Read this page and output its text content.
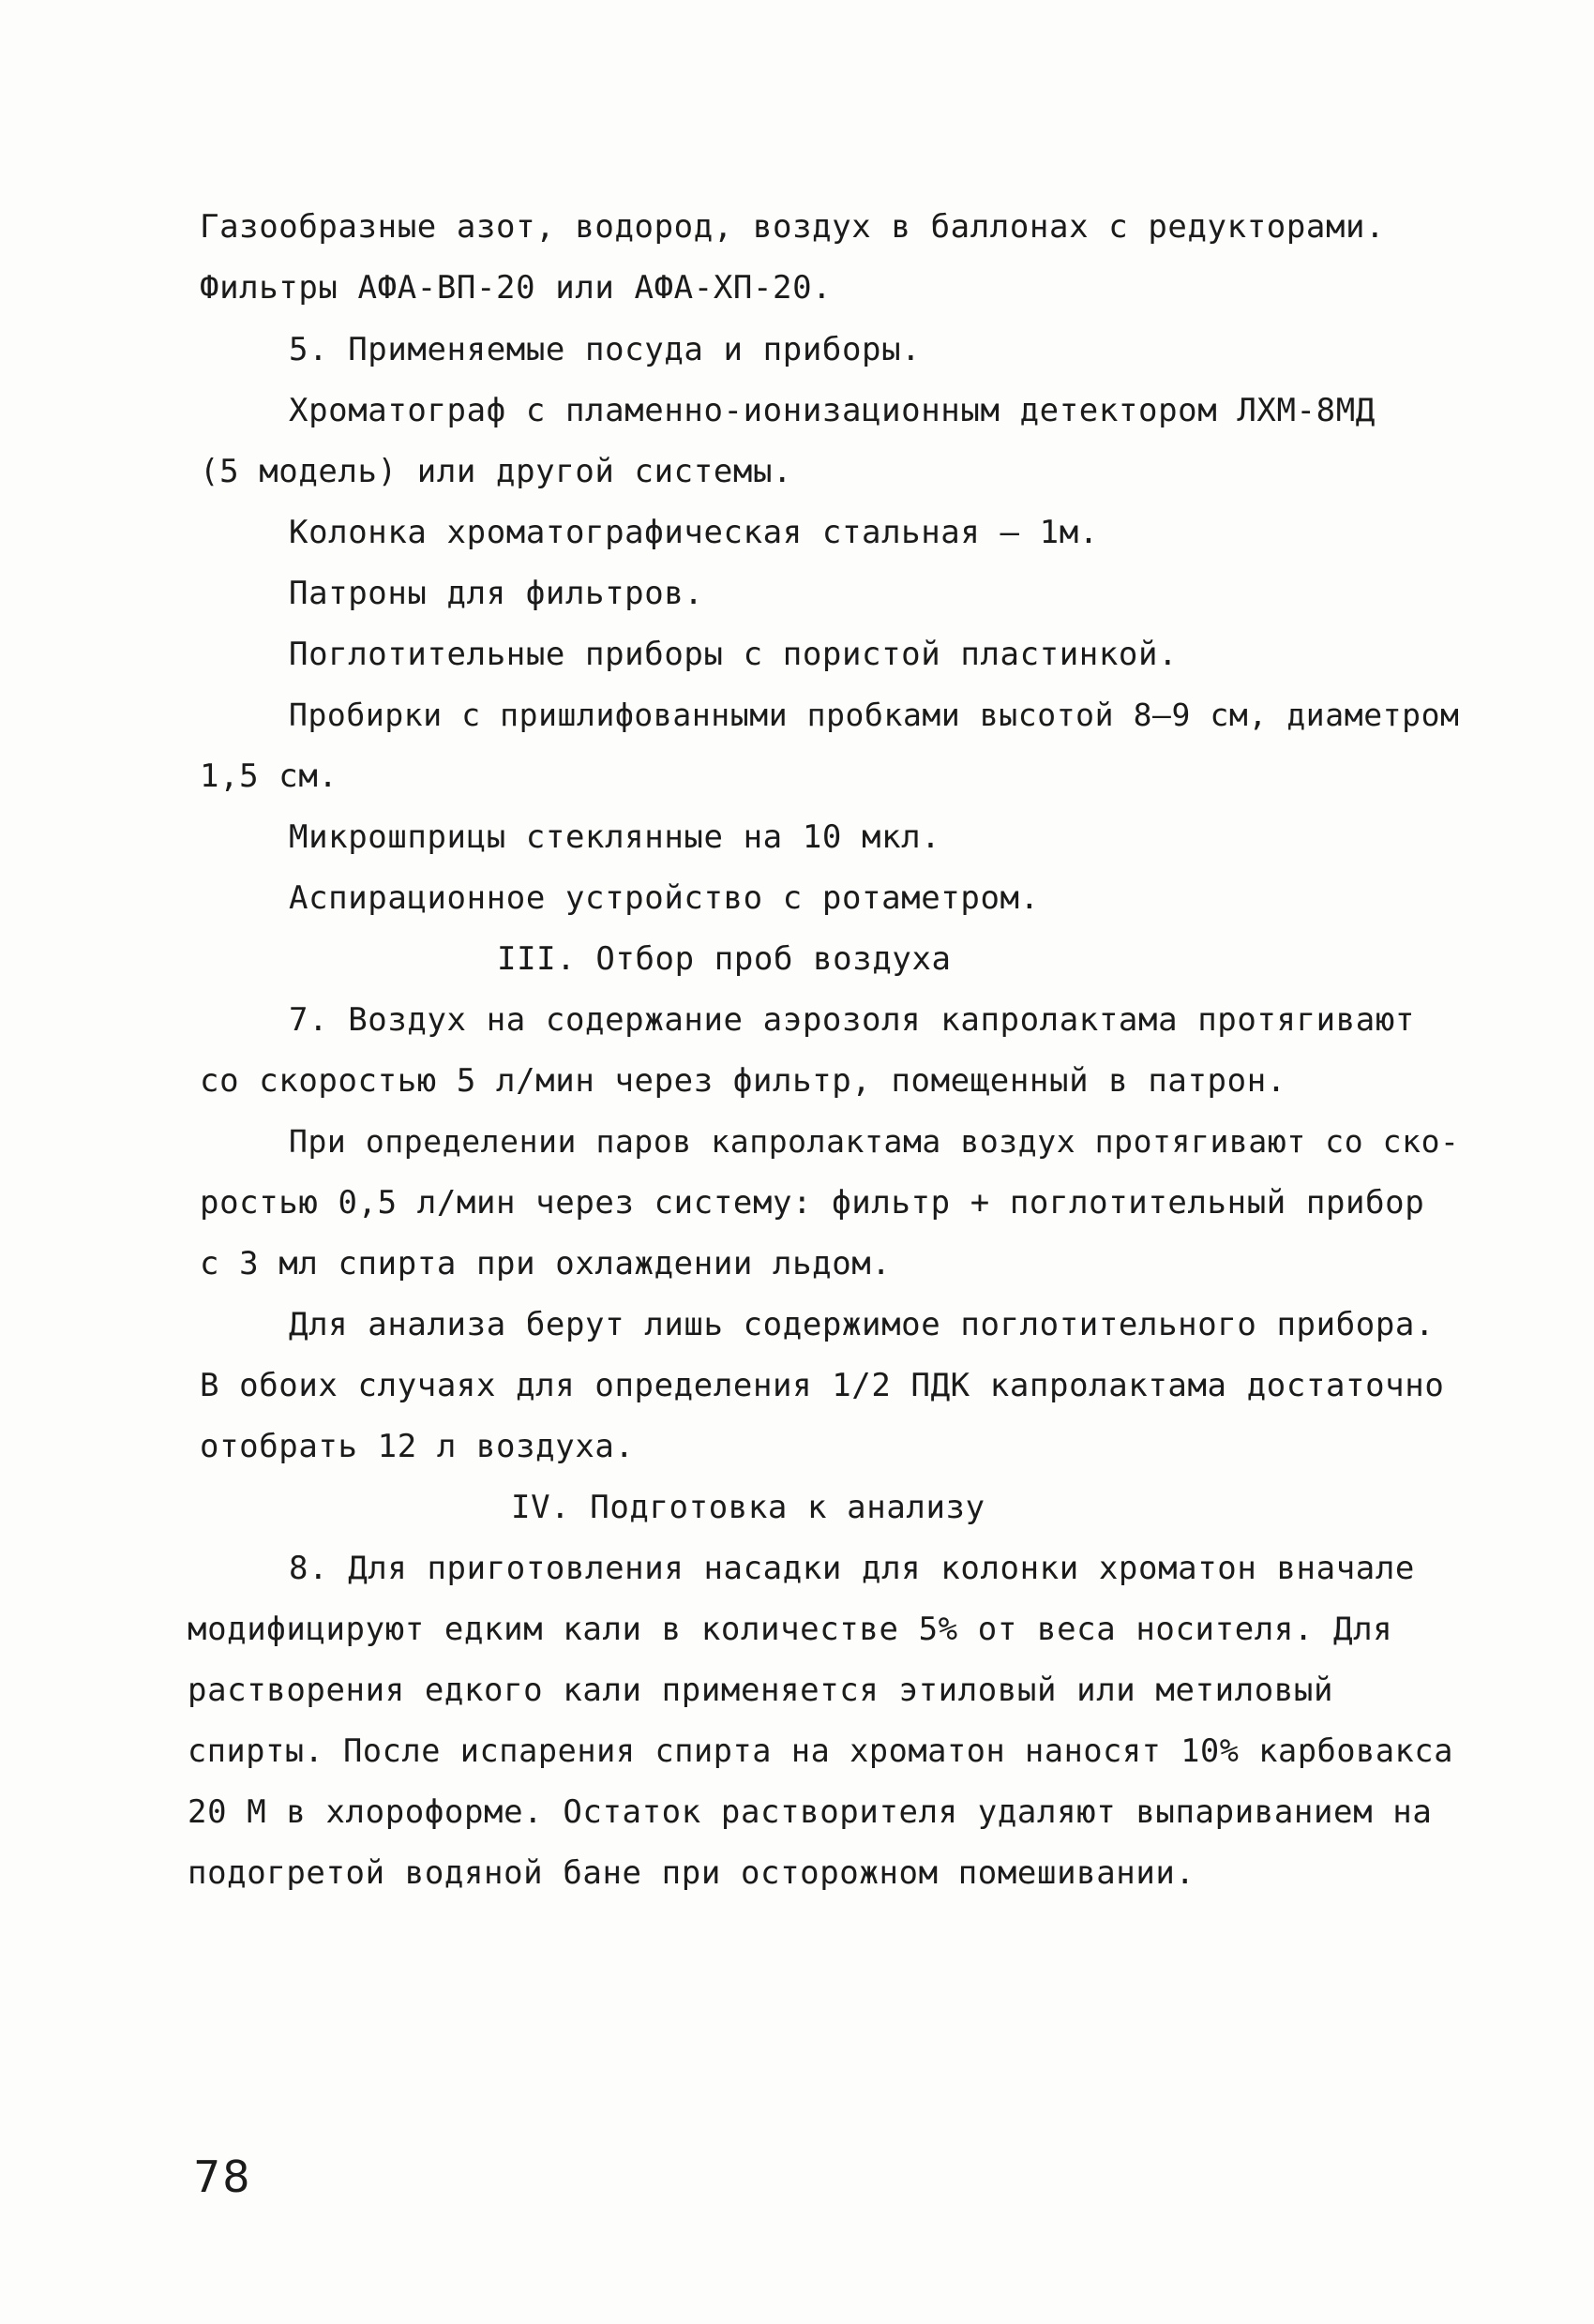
Газообразные азот, водород, воздух в баллонах с редукторами.
Фильтры АФА-ВП-20 или АФА-ХП-20.
5. Применяемые посуда и приборы.
Хроматограф с пламенно-ионизационным детектором ЛХМ-8МД
(5 модель) или другой системы.
Колонка хроматографическая стальная – 1м.
Патроны для фильтров.
Поглотительные приборы с пористой пластинкой.
Пробирки с пришлифованными пробками высотой 8–9 см, диаметром
1,5 см.
Микрошприцы стеклянные на 10 мкл.
Аспирационное устройство с ротаметром.
III. Отбор проб воздуха
7. Воздух на содержание аэрозоля капролактама протягивают
со скоростью 5 л/мин через фильтр, помещенный в патрон.
При определении паров капролактама воздух протягивают со ско-
ростью 0,5 л/мин через систему: фильтр + поглотительный прибор
с 3 мл спирта при охлаждении льдом.
Для анализа берут лишь содержимое поглотительного прибора.
В обоих случаях для определения 1/2 ПДК капролактама достаточно
отобрать 12 л воздуха.
IV. Подготовка к анализу
8. Для приготовления насадки для колонки хроматон вначале
модифицируют едким кали в количестве 5% от веса носителя. Для
растворения едкого кали применяется этиловый или метиловый
спирты. После испарения спирта на хроматон наносят 10% карбовакса
20 М в хлороформе. Остаток растворителя удаляют выпариванием на
подогретой водяной бане при осторожном помешивании.
78
